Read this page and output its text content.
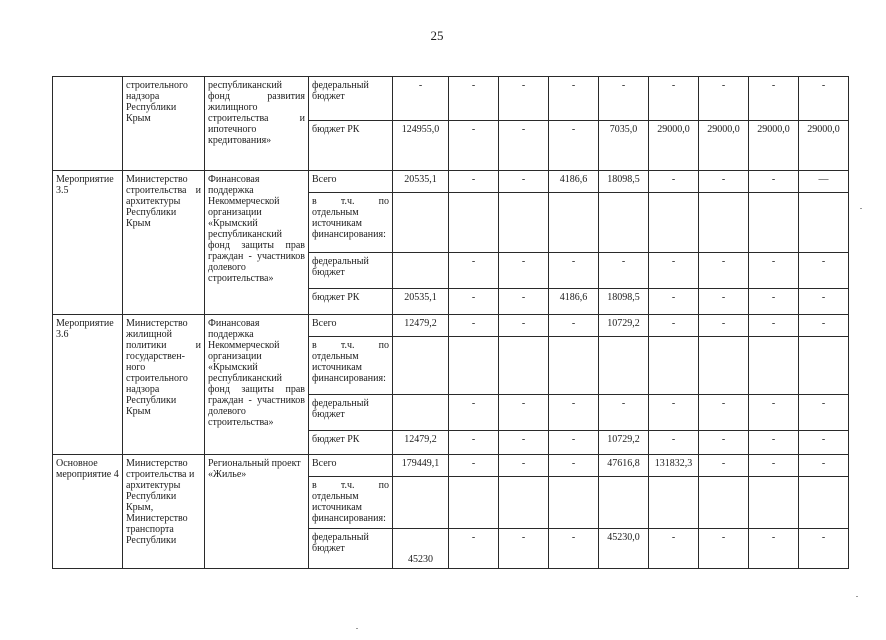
25
	строительного надзора Республики Крым	республиканский фонд развития жилищного строительства и ипотечного кредитования»	федеральный бюджет	-	-	-	-	-	-	-	-	-
			бюджет РК	124955,0	-	-	-	7035,0	29000,0	29000,0	29000,0	29000,0
Мероприятие 3.5	Министерство строительства и архитектуры Республики Крым	Финансовая поддержка Некоммерческой организации «Крымский республиканский фонд защиты прав граждан - участников долевого строительства»	Всего	20535,1	-	-	4186,6	18098,5	-	-	-	—
			в т.ч. по отдельным источникам финансирования:									
			федеральный бюджет		-	-	-	-	-	-	-	-
			бюджет РК	20535,1	-	-	4186,6	18098,5	-	-	-	-
Мероприятие 3.6	Министерство жилищной политики и государствен-ного строительного надзора Республики Крым	Финансовая поддержка Некоммерческой организации «Крымский республиканский фонд защиты прав граждан - участников долевого строительства»	Всего	12479,2	-	-	-	10729,2	-	-	-	-
			в т.ч. по отдельным источникам финансирования:									
			федеральный бюджет		-	-	-	-	-	-	-	-
			бюджет РК	12479,2	-	-	-	10729,2	-	-	-	-
Основное мероприятие 4	Министерство строительства и архитектуры Республики Крым, Министерство транспорта Республики	Региональный проект «Жилье»	Всего	179449,1	-	-	-	47616,8	131832,3	-	-	-
			в т.ч. по отдельным источникам финансирования:									
			федеральный бюджет	45230	-	-	-	45230,0	-	-	-	-
